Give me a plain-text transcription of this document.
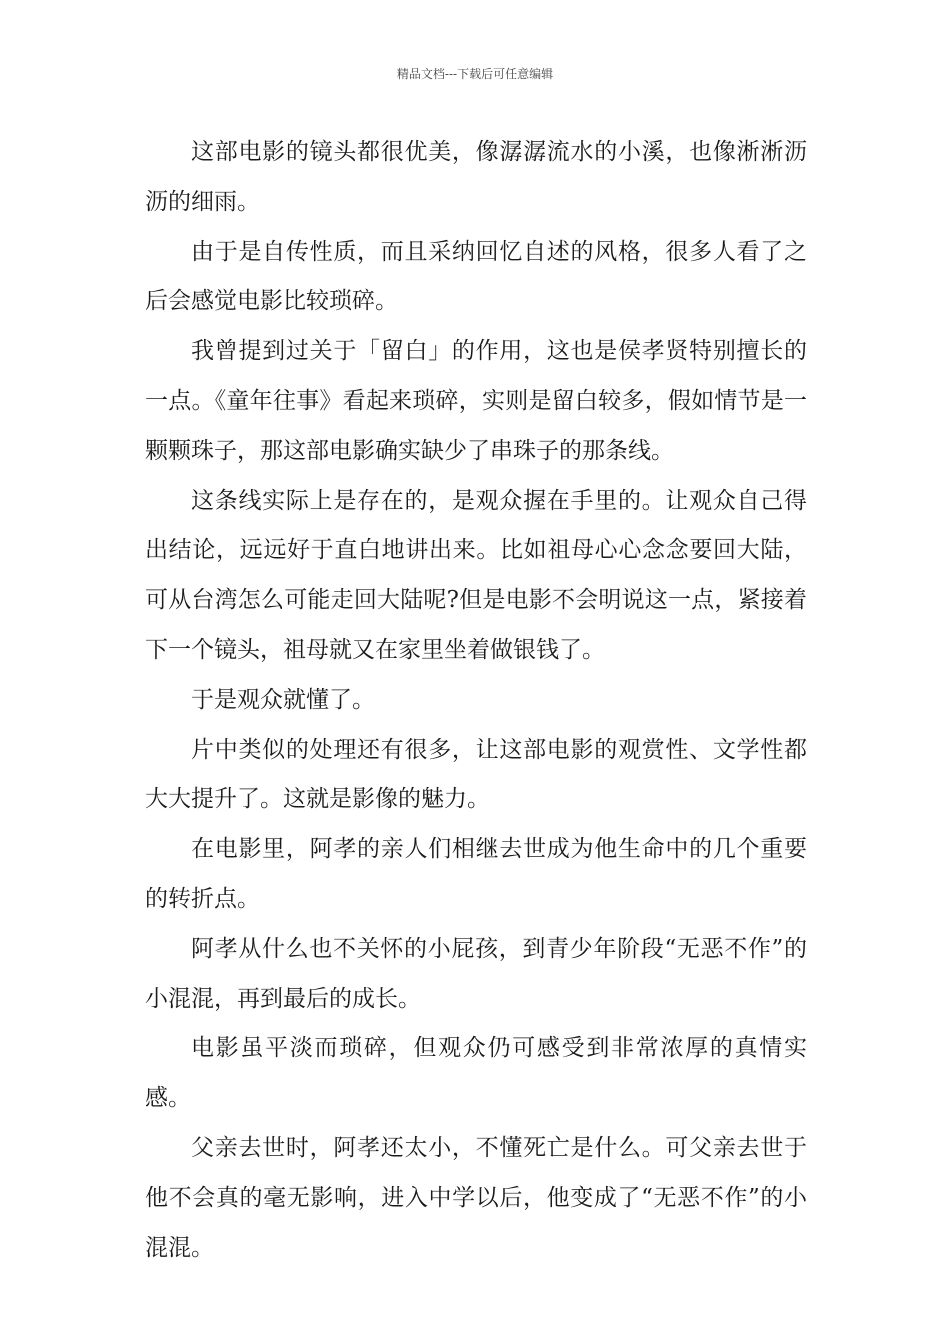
精品文档---下载后可任意编辑

这部电影的镜头都很优美，像潺潺流水的小溪，也像淅淅沥沥的细雨。

由于是自传性质，而且采纳回忆自述的风格，很多人看了之后会感觉电影比较琐碎。

我曾提到过关于「留白」的作用，这也是侯孝贤特别擅长的一点。《童年往事》看起来琐碎，实则是留白较多，假如情节是一颗颗珠子，那这部电影确实缺少了串珠子的那条线。

这条线实际上是存在的，是观众握在手里的。让观众自己得出结论，远远好于直白地讲出来。比如祖母心心念念要回大陆，可从台湾怎么可能走回大陆呢?但是电影不会明说这一点，紧接着下一个镜头，祖母就又在家里坐着做银钱了。

于是观众就懂了。

片中类似的处理还有很多，让这部电影的观赏性、文学性都大大提升了。这就是影像的魅力。

在电影里，阿孝的亲人们相继去世成为他生命中的几个重要的转折点。

阿孝从什么也不关怀的小屁孩，到青少年阶段“无恶不作”的小混混，再到最后的成长。

电影虽平淡而琐碎，但观众仍可感受到非常浓厚的真情实感。

父亲去世时，阿孝还太小，不懂死亡是什么。可父亲去世于他不会真的毫无影响，进入中学以后，他变成了“无恶不作”的小混混。
